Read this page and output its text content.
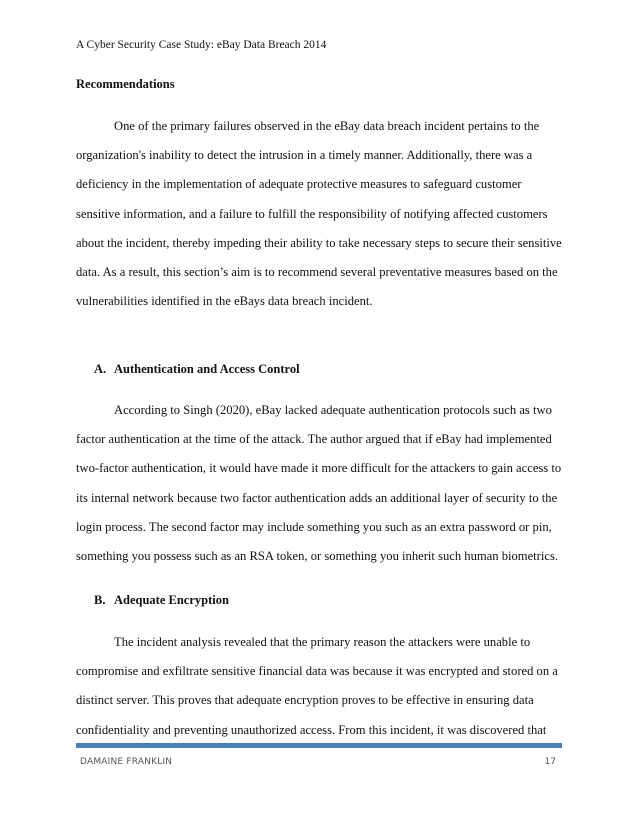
A Cyber Security Case Study: eBay Data Breach 2014
Recommendations
One of the primary failures observed in the eBay data breach incident pertains to the
organization's inability to detect the intrusion in a timely manner. Additionally, there was a
deficiency in the implementation of adequate protective measures to safeguard customer
sensitive information, and a failure to fulfill the responsibility of notifying affected customers
about the incident, thereby impeding their ability to take necessary steps to secure their sensitive
data. As a result, this section’s aim is to recommend several preventative measures based on the
vulnerabilities identified in the eBays data breach incident.
A. Authentication and Access Control
According to Singh (2020), eBay lacked adequate authentication protocols such as two
factor authentication at the time of the attack. The author argued that if eBay had implemented
two-factor authentication, it would have made it more difficult for the attackers to gain access to
its internal network because two factor authentication adds an additional layer of security to the
login process. The second factor may include something you such as an extra password or pin,
something you possess such as an RSA token, or something you inherit such human biometrics.
B. Adequate Encryption
The incident analysis revealed that the primary reason the attackers were unable to
compromise and exfiltrate sensitive financial data was because it was encrypted and stored on a
distinct server. This proves that adequate encryption proves to be effective in ensuring data
confidentiality and preventing unauthorized access. From this incident, it was discovered that
DAMAINE FRANKLIN	17
